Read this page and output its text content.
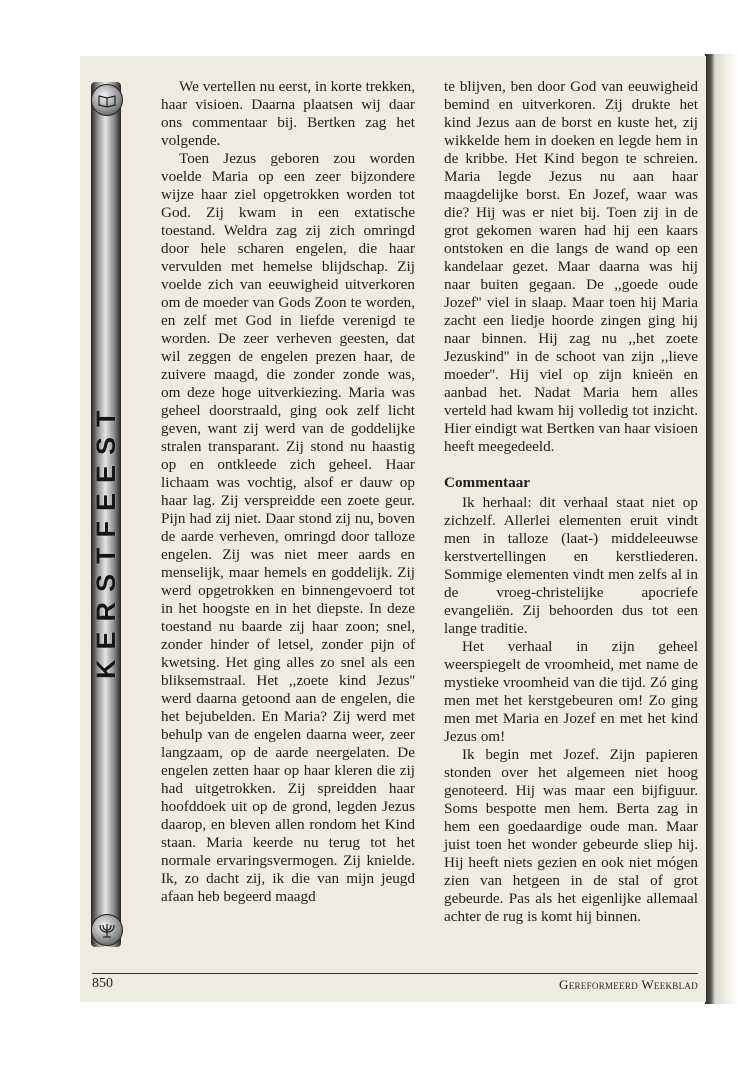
KERSTFEEST

We vertellen nu eerst, in korte trekken, haar visioen. Daarna plaatsen wij daar ons commentaar bij. Bertken zag het volgende.

Toen Jezus geboren zou worden voelde Maria op een zeer bijzondere wijze haar ziel opgetrokken worden tot God. Zij kwam in een extatische toestand. Weldra zag zij zich omringd door hele scharen engelen, die haar vervulden met hemelse blijdschap. Zij voelde zich van eeuwigheid uitverkoren om de moeder van Gods Zoon te worden, en zelf met God in liefde verenigd te worden. De zeer verheven geesten, dat wil zeggen de engelen prezen haar, de zuivere maagd, die zonder zonde was, om deze hoge uitverkiezing. Maria was geheel doorstraald, ging ook zelf licht geven, want zij werd van de goddelijke stralen transparant. Zij stond nu haastig op en ontkleede zich geheel. Haar lichaam was vochtig, alsof er dauw op haar lag. Zij verspreidde een zoete geur. Pijn had zij niet. Daar stond zij nu, boven de aarde verheven, omringd door talloze engelen. Zij was niet meer aards en menselijk, maar hemels en goddelijk. Zij werd opgetrokken en binnengevoerd tot in het hoogste en in het diepste. In deze toestand nu baarde zij haar zoon; snel, zonder hinder of letsel, zonder pijn of kwetsing. Het ging alles zo snel als een bliksemstraal. Het ,,zoete kind Jezus'' werd daarna getoond aan de engelen, die het bejubelden. En Maria? Zij werd met behulp van de engelen daarna weer, zeer langzaam, op de aarde neergelaten. De engelen zetten haar op haar kleren die zij had uitgetrokken. Zij spreidden haar hoofddoek uit op de grond, legden Jezus daarop, en bleven allen rondom het Kind staan. Maria keerde nu terug tot het normale ervaringsvermogen. Zij knielde. Ik, zo dacht zij, ik die van mijn jeugd afaan heb begeerd maagd

te blijven, ben door God van eeuwigheid bemind en uitverkoren. Zij drukte het kind Jezus aan de borst en kuste het, zij wikkelde hem in doeken en legde hem in de kribbe. Het Kind begon te schreien. Maria legde Jezus nu aan haar maagdelijke borst. En Jozef, waar was die? Hij was er niet bij. Toen zij in de grot gekomen waren had hij een kaars ontstoken en die langs de wand op een kandelaar gezet. Maar daarna was hij naar buiten gegaan. De ,,goede oude Jozef'' viel in slaap. Maar toen hij Maria zacht een liedje hoorde zingen ging hij naar binnen. Hij zag nu ,,het zoete Jezuskind'' in de schoot van zijn ,,lieve moeder''. Hij viel op zijn knieën en aanbad het. Nadat Maria hem alles verteld had kwam hij volledig tot inzicht. Hier eindigt wat Bertken van haar visioen heeft meegedeeld.

Commentaar

Ik herhaal: dit verhaal staat niet op zichzelf. Allerlei elementen eruit vindt men in talloze (laat-) middeleeuwse kerstvertellingen en kerstliederen. Sommige elementen vindt men zelfs al in de vroeg-christelijke apocriefe evangeliën. Zij behoorden dus tot een lange traditie.

Het verhaal in zijn geheel weerspiegelt de vroomheid, met name de mystieke vroomheid van die tijd. Zó ging men met het kerstgebeuren om! Zo ging men met Maria en Jozef en met het kind Jezus om!

Ik begin met Jozef. Zijn papieren stonden over het algemeen niet hoog genoteerd. Hij was maar een bijfiguur. Soms bespotte men hem. Berta zag in hem een goedaardige oude man. Maar juist toen het wonder gebeurde sliep hij. Hij heeft niets gezien en ook niet mógen zien van hetgeen in de stal of grot gebeurde. Pas als het eigenlijke allemaal achter de rug is komt hij binnen.

850	Gereformeerd Weekblad
